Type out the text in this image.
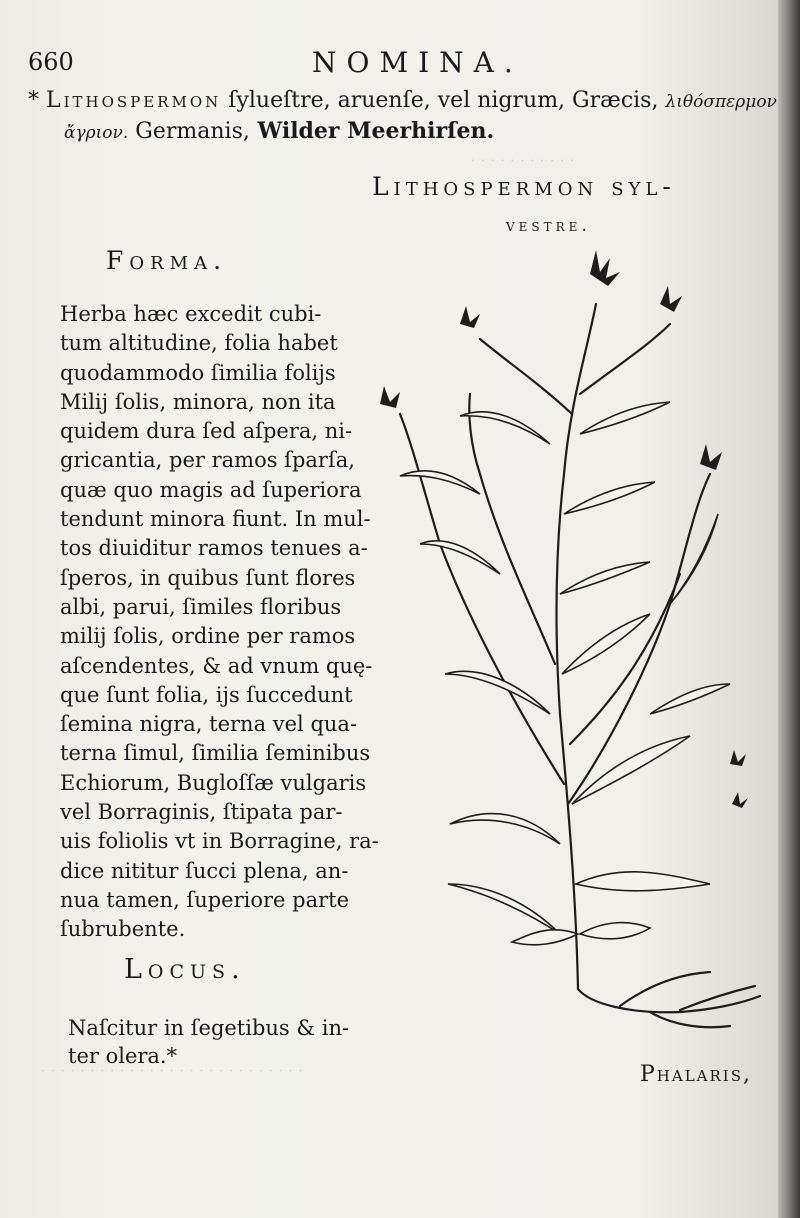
· · · · · · · · · · ·
· · · · · · · · · · · · · · · · · · · · · · · · · · ·
660	NOMINA.
* Lithospermon ſylueſtre, aruenſe, vel nigrum, Græcis, λιθόσπερμον
ἄγριον. Germanis, Wilder Meerhirſen.
Lithospermon syl-
vestre.
Forma.
Herba hæc excedit cubi-
tum altitudine, folia habet
quodammodo ſimilia folijs
Milij ſolis, minora, non ita
quidem dura ſed aſpera, ni-
gricantia, per ramos ſparſa,
quæ quo magis ad ſuperiora
tendunt minora fiunt. In mul-
tos diuiditur ramos tenues a-
ſperos, in quibus ſunt flores
albi, parui, ſimiles floribus
milij ſolis, ordine per ramos
aſcendentes, & ad vnum quę-
que ſunt folia, ijs ſuccedunt
ſemina nigra, terna vel qua-
terna ſimul, ſimilia ſeminibus
Echiorum, Bugloſſæ vulgaris
vel Borraginis, ſtipata par-
uis foliolis vt in Borragine, ra-
dice nititur ſucci plena, an-
nua tamen, ſuperiore parte
ſubrubente.
Locus.
Naſcitur in ſegetibus & in-
ter olera.*
Phalaris,
